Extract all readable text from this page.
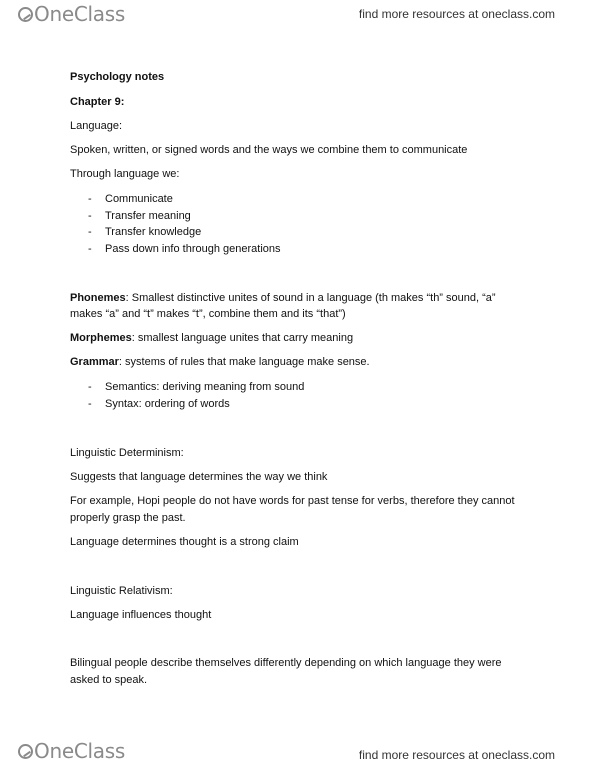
OneClass	find more resources at oneclass.com
Psychology notes
Chapter 9:
Language:
Spoken, written, or signed words and the ways we combine them to communicate
Through language we:
- Communicate
- Transfer meaning
- Transfer knowledge
- Pass down info through generations
Phonemes: Smallest distinctive unites of sound in a language (th makes “th” sound, “a”
makes “a” and “t” makes “t”, combine them and its “that”)
Morphemes: smallest language unites that carry meaning
Grammar: systems of rules that make language make sense.
- Semantics: deriving meaning from sound
- Syntax: ordering of words
Linguistic Determinism:
Suggests that language determines the way we think
For example, Hopi people do not have words for past tense for verbs, therefore they cannot
properly grasp the past.
Language determines thought is a strong claim
Linguistic Relativism:
Language influences thought
Bilingual people describe themselves differently depending on which language they were
asked to speak.
OneClass	find more resources at oneclass.com
